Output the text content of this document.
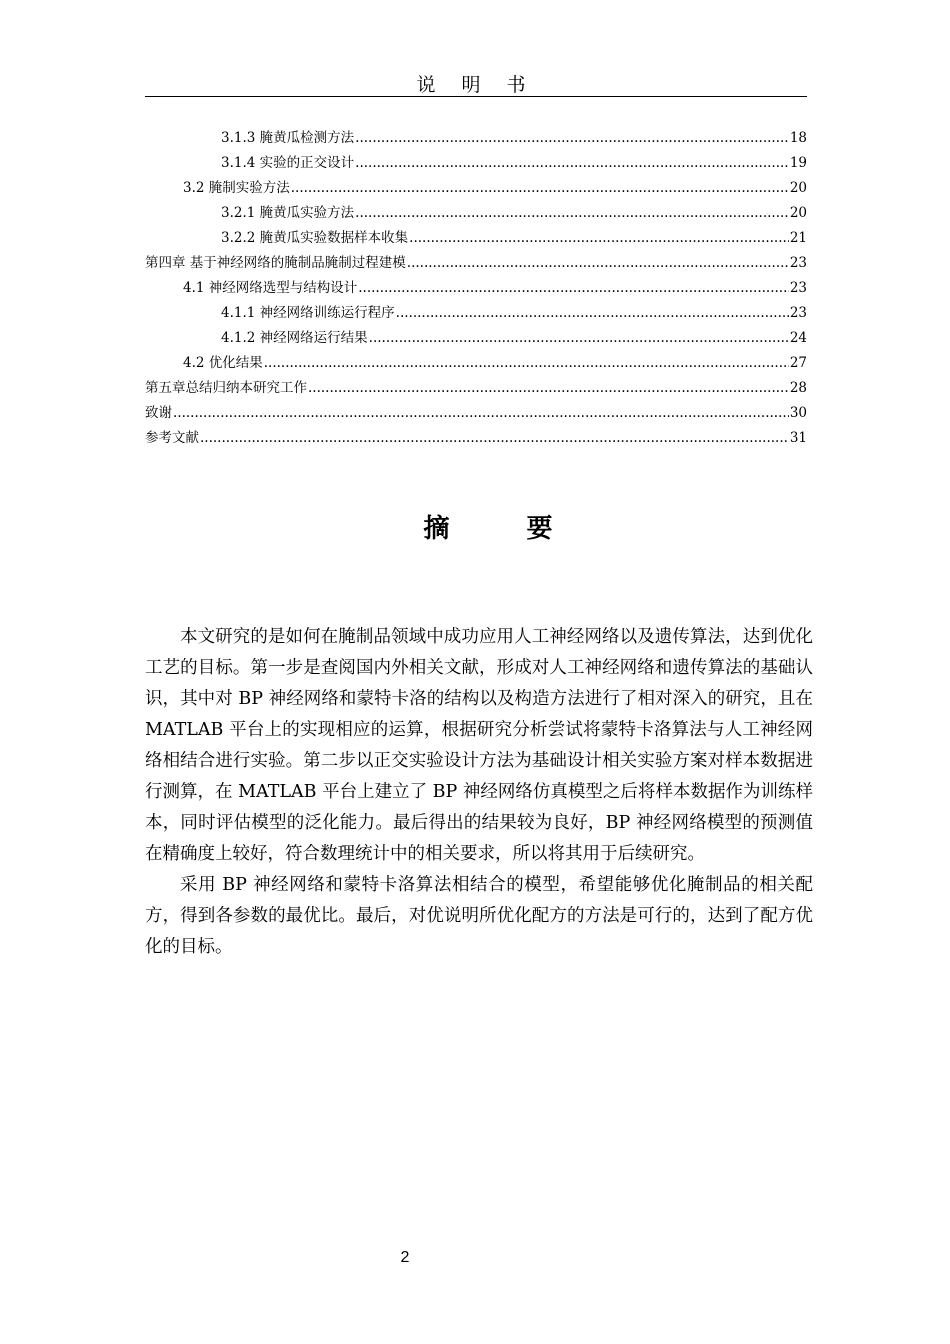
说 明 书
3.1.3 腌黄瓜检测方法 .....	18
3.1.4 实验的正交设计 .....	19
3.2 腌制实验方法 .....	20
3.2.1 腌黄瓜实验方法 .....	20
3.2.2 腌黄瓜实验数据样本收集 .....	21
第四章 基于神经网络的腌制品腌制过程建模 .....	23
4.1 神经网络选型与结构设计 .....	23
4.1.1 神经网络训练运行程序 .....	23
4.1.2 神经网络运行结果 .....	24
4.2 优化结果 .....	27
第五章总结归纳本研究工作 .....	28
致谢 .....	30
参考文献 .....	31
摘 要

本文研究的是如何在腌制品领域中成功应用人工神经网络以及遗传算法，达到优化工艺的目标。第一步是查阅国内外相关文献，形成对人工神经网络和遗传算法的基础认识，其中对 BP 神经网络和蒙特卡洛的结构以及构造方法进行了相对深入的研究，且在 MATLAB 平台上的实现相应的运算，根据研究分析尝试将蒙特卡洛算法与人工神经网络相结合进行实验。第二步以正交实验设计方法为基础设计相关实验方案对样本数据进行测算，在 MATLAB 平台上建立了 BP 神经网络仿真模型之后将样本数据作为训练样本，同时评估模型的泛化能力。最后得出的结果较为良好，BP 神经网络模型的预测值在精确度上较好，符合数理统计中的相关要求，所以将其用于后续研究。

采用 BP 神经网络和蒙特卡洛算法相结合的模型，希望能够优化腌制品的相关配方，得到各参数的最优比。最后，对优说明所优化配方的方法是可行的，达到了配方优化的目标。

2
